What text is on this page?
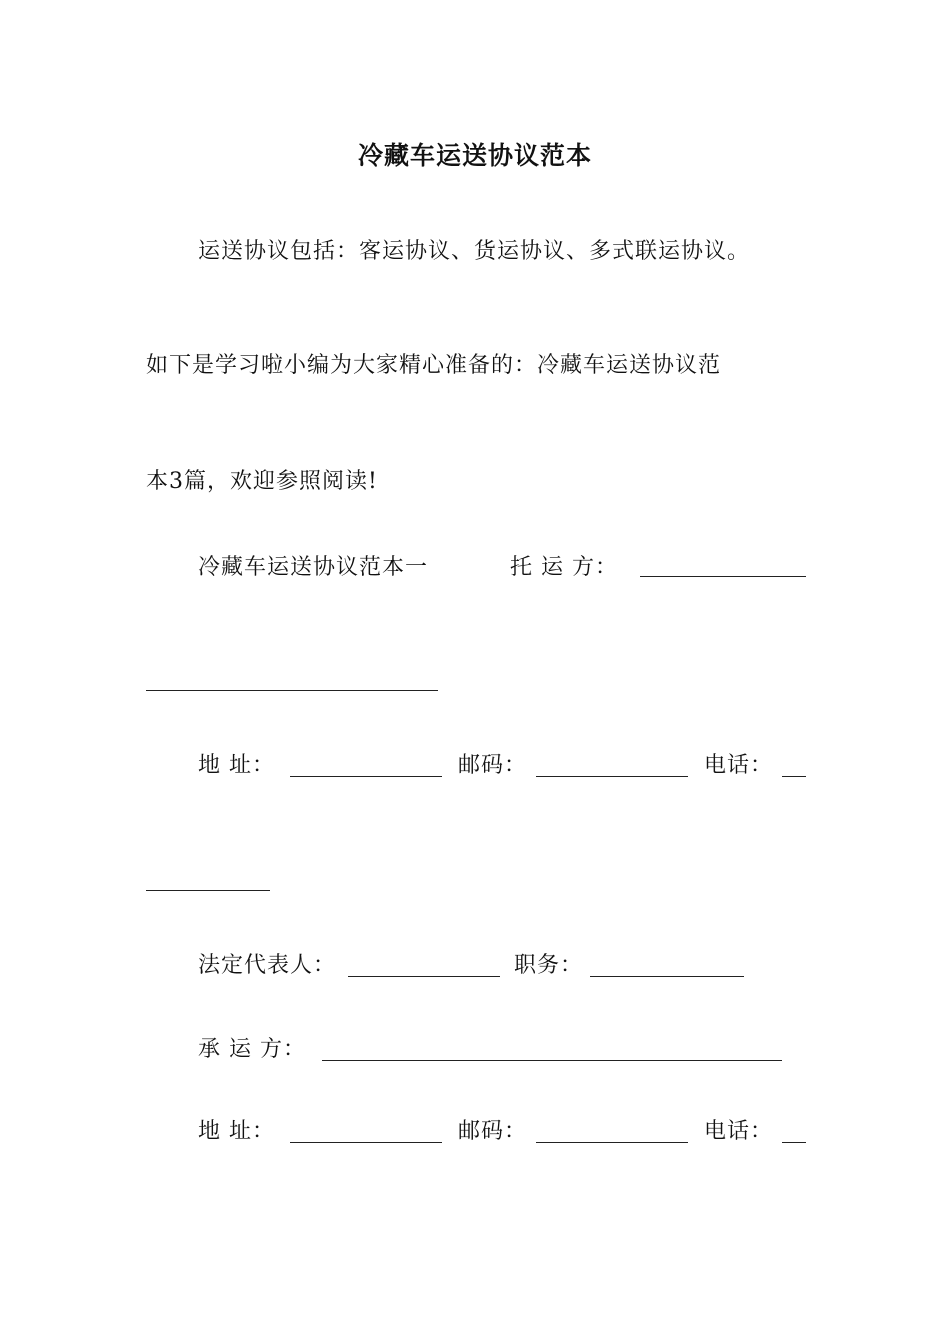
冷藏车运送协议范本
运送协议包括：客运协议、货运协议、多式联运协议。
如下是学习啦小编为大家精心准备的：冷藏车运送协议范
本3篇，欢迎参照阅读!
冷藏车运送协议范本一	托 运 方：
地 址：	邮码：	电话：
法定代表人：	职务：
承 运 方：
地 址：	邮码：	电话：
